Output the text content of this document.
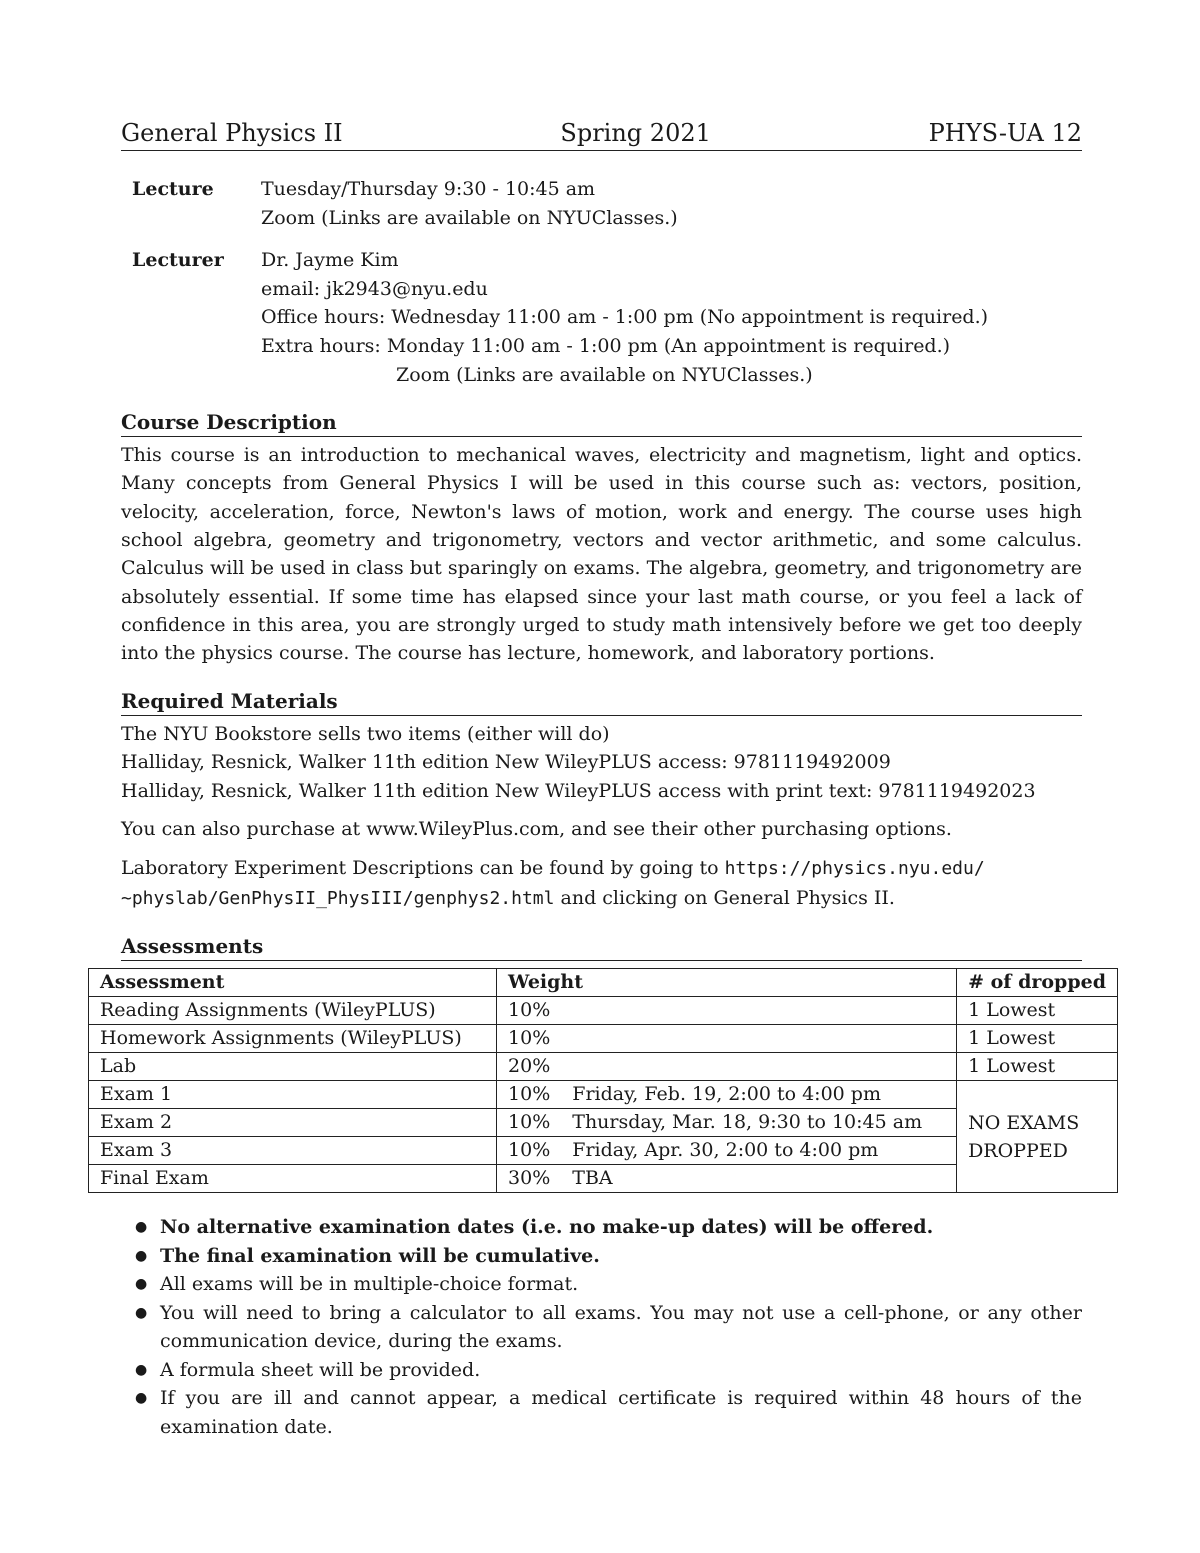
General Physics II	Spring 2021	PHYS-UA 12
Lecture	Tuesday/Thursday 9:30 - 10:45 am
Zoom (Links are available on NYUClasses.)
Lecturer	Dr. Jayme Kim
email: jk2943@nyu.edu
Office hours: Wednesday 11:00 am - 1:00 pm (No appointment is required.)
Extra hours: Monday 11:00 am - 1:00 pm (An appointment is required.)
Zoom (Links are available on NYUClasses.)
Course Description
This course is an introduction to mechanical waves, electricity and magnetism, light and optics. Many concepts from General Physics I will be used in this course such as: vectors, position, velocity, acceleration, force, Newton's laws of motion, work and energy. The course uses high school algebra, geometry and trigonometry, vectors and vector arithmetic, and some calculus. Calculus will be used in class but sparingly on exams. The algebra, geometry, and trigonometry are absolutely essential. If some time has elapsed since your last math course, or you feel a lack of confidence in this area, you are strongly urged to study math intensively before we get too deeply into the physics course. The course has lecture, homework, and laboratory portions.
Required Materials
The NYU Bookstore sells two items (either will do)
Halliday, Resnick, Walker 11th edition New WileyPLUS access: 9781119492009
Halliday, Resnick, Walker 11th edition New WileyPLUS access with print text: 9781119492023
You can also purchase at www.WileyPlus.com, and see their other purchasing options.
Laboratory Experiment Descriptions can be found by going to https://physics.nyu.edu/
~physlab/GenPhysII_PhysIII/genphys2.html and clicking on General Physics II.
Assessments
Assessment	Weight	# of dropped
Reading Assignments (WileyPLUS)	10%	1 Lowest
Homework Assignments (WileyPLUS)	10%	1 Lowest
Lab	20%	1 Lowest
Exam 1	10% Friday, Feb. 19, 2:00 to 4:00 pm	NO EXAMS
DROPPED
Exam 2	10% Thursday, Mar. 18, 9:30 to 10:45 am	
Exam 3	10% Friday, Apr. 30, 2:00 to 4:00 pm	
Final Exam	30% TBA	
● No alternative examination dates (i.e. no make-up dates) will be offered.
● The final examination will be cumulative.
● All exams will be in multiple-choice format.
● You will need to bring a calculator to all exams. You may not use a cell-phone, or any other communication device, during the exams.
● A formula sheet will be provided.
● If you are ill and cannot appear, a medical certificate is required within 48 hours of the examination date.
